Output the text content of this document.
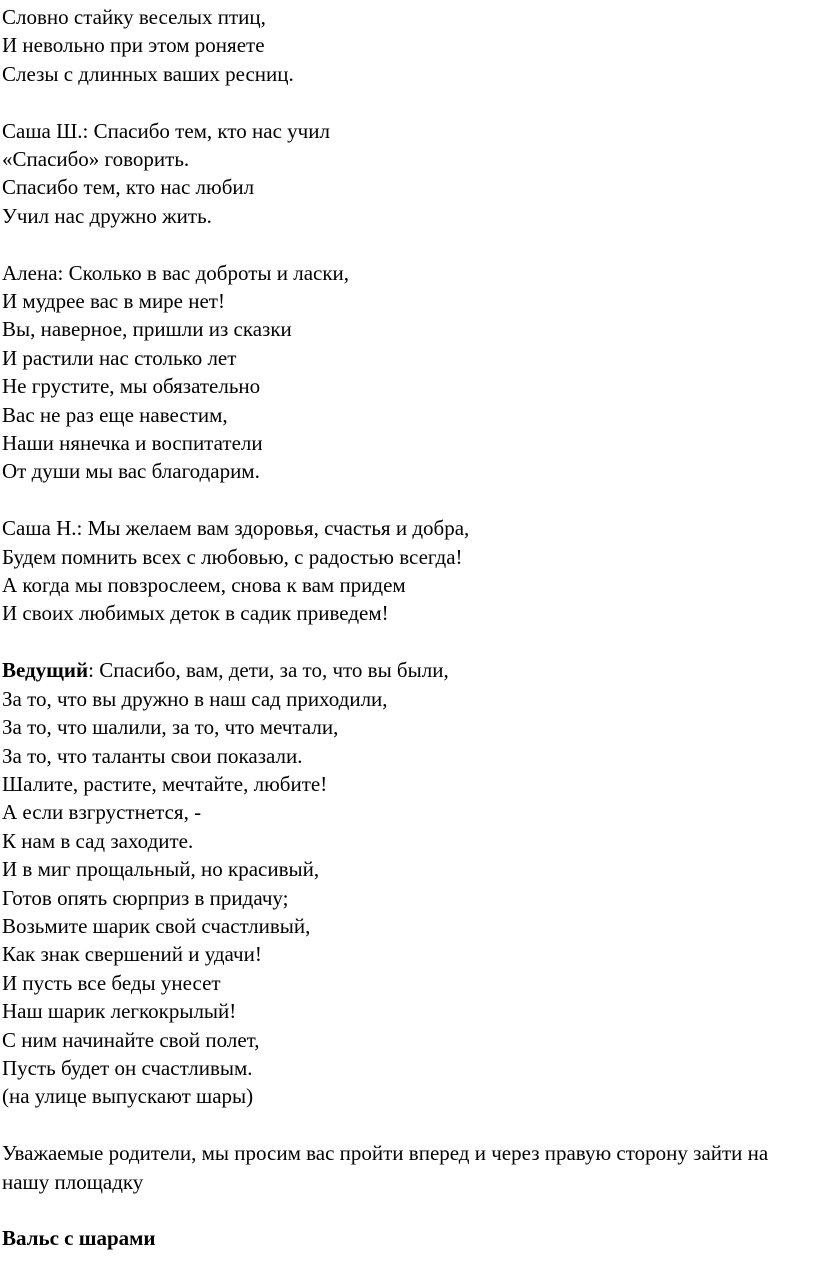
Словно стайку веселых птиц,
И невольно при этом роняете
Слезы с длинных ваших ресниц.
Саша Ш.: Спасибо тем, кто нас учил
«Спасибо» говорить.
Спасибо тем, кто нас любил
Учил нас дружно жить.
Алена: Сколько в вас доброты и ласки,
И мудрее вас в мире нет!
Вы, наверное, пришли из сказки
И растили нас столько лет
Не грустите, мы обязательно
Вас не раз еще навестим,
Наши нянечка и воспитатели
От души мы вас благодарим.
Саша Н.: Мы желаем вам здоровья, счастья и добра,
Будем помнить всех с любовью, с радостью всегда!
А когда мы повзрослеем, снова к вам придем
И своих любимых деток в садик приведем!
Ведущий: Спасибо, вам, дети, за то, что вы были,
За то, что вы дружно в наш сад приходили,
За то, что шалили, за то, что мечтали,
За то, что таланты свои показали.
Шалите, растите, мечтайте, любите!
А если взгрустнется, -
К нам в сад заходите.
И в миг прощальный, но красивый,
Готов опять сюрприз в придачу;
Возьмите шарик свой счастливый,
Как знак свершений и удачи!
И пусть все беды унесет
Наш шарик легкокрылый!
С ним начинайте свой полет,
Пусть будет он счастливым.
(на улице выпускают шары)
Уважаемые родители, мы просим вас пройти вперед и через правую сторону зайти на нашу площадку
Вальс с шарами
